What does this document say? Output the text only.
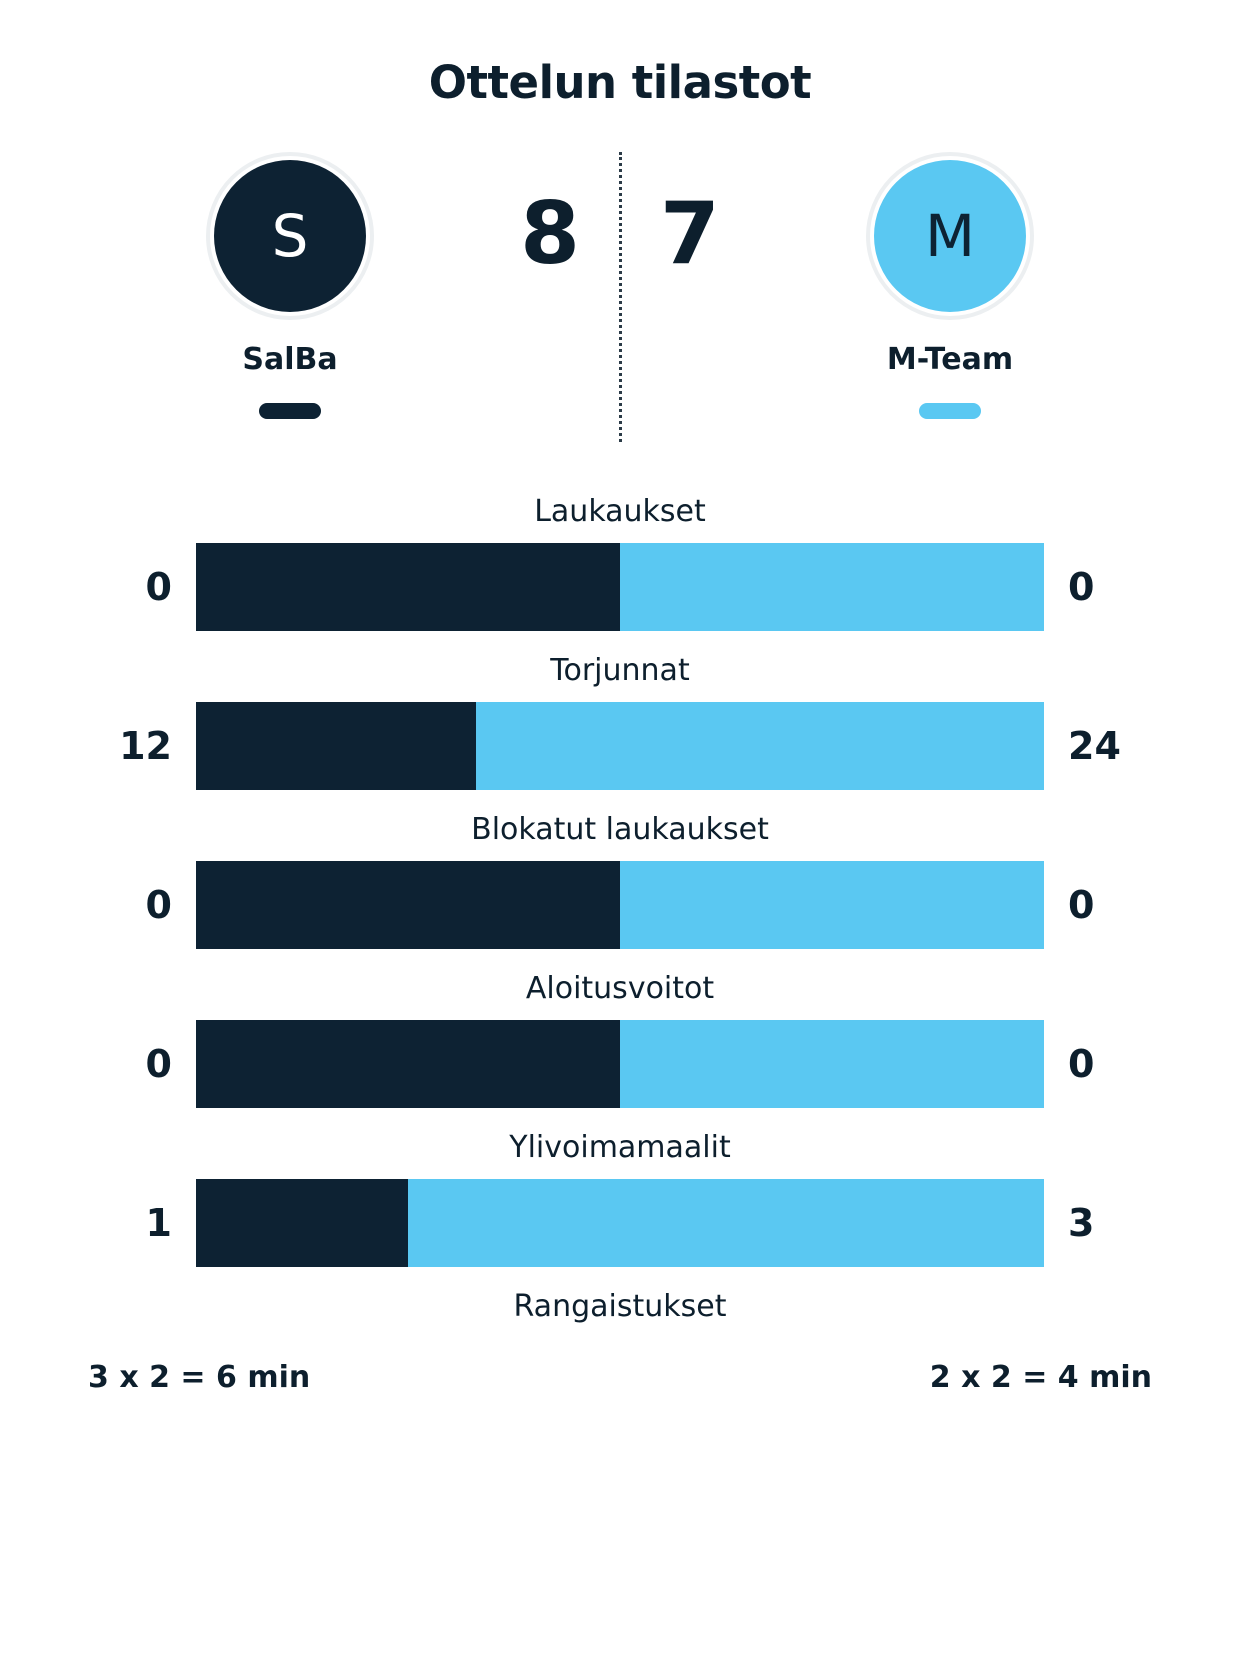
Ottelun tilastot
S
SalBa
8 7	M
M-Team
Laukaukset
0	0
Torjunnat
12	24
Blokatut laukaukset
0	0
Aloitusvoitot
0	0
Ylivoimamaalit
1	3
Rangaistukset
3 x 2 = 6 min	2 x 2 = 4 min
